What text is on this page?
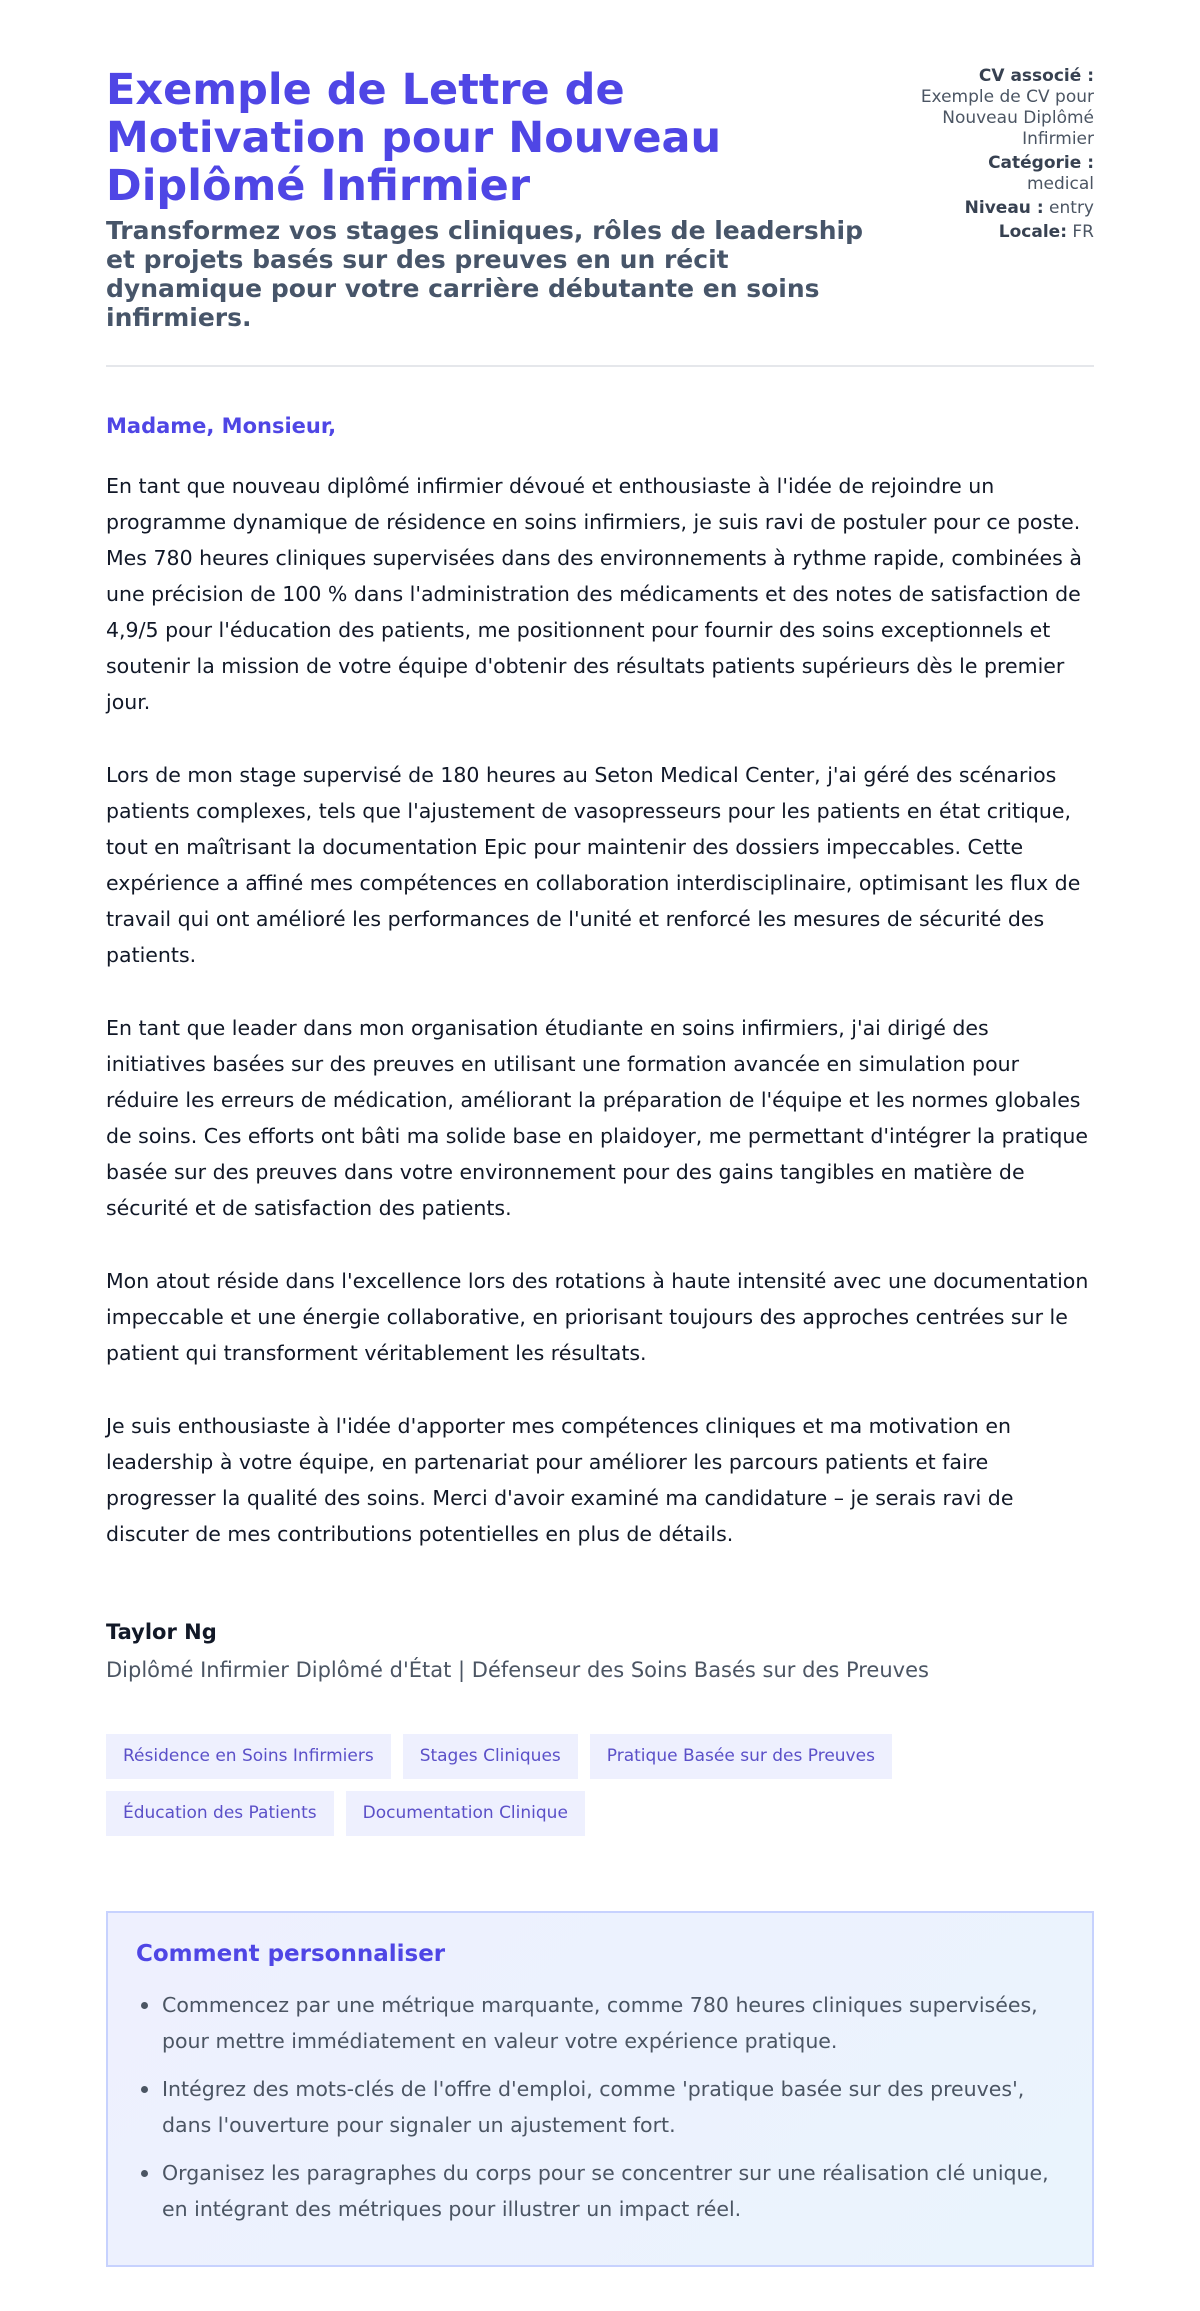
Exemple de Lettre de Motivation pour Nouveau Diplômé Infirmier
Transformez vos stages cliniques, rôles de leadership et projets basés sur des preuves en un récit dynamique pour votre carrière débutante en soins infirmiers.
CV associé :
Exemple de CV pour Nouveau Diplômé Infirmier
Catégorie :
medical
Niveau : entry
Locale: FR
Madame, Monsieur,

En tant que nouveau diplômé infirmier dévoué et enthousiaste à l'idée de rejoindre un programme dynamique de résidence en soins infirmiers, je suis ravi de postuler pour ce poste. Mes 780 heures cliniques supervisées dans des environnements à rythme rapide, combinées à une précision de 100 % dans l'administration des médicaments et des notes de satisfaction de 4,9/5 pour l'éducation des patients, me positionnent pour fournir des soins exceptionnels et soutenir la mission de votre équipe d'obtenir des résultats patients supérieurs dès le premier jour.

Lors de mon stage supervisé de 180 heures au Seton Medical Center, j'ai géré des scénarios patients complexes, tels que l'ajustement de vasopresseurs pour les patients en état critique, tout en maîtrisant la documentation Epic pour maintenir des dossiers impeccables. Cette expérience a affiné mes compétences en collaboration interdisciplinaire, optimisant les flux de travail qui ont amélioré les performances de l'unité et renforcé les mesures de sécurité des patients.

En tant que leader dans mon organisation étudiante en soins infirmiers, j'ai dirigé des initiatives basées sur des preuves en utilisant une formation avancée en simulation pour réduire les erreurs de médication, améliorant la préparation de l'équipe et les normes globales de soins. Ces efforts ont bâti ma solide base en plaidoyer, me permettant d'intégrer la pratique basée sur des preuves dans votre environnement pour des gains tangibles en matière de sécurité et de satisfaction des patients.

Mon atout réside dans l'excellence lors des rotations à haute intensité avec une documentation impeccable et une énergie collaborative, en priorisant toujours des approches centrées sur le patient qui transforment véritablement les résultats.

Je suis enthousiaste à l'idée d'apporter mes compétences cliniques et ma motivation en leadership à votre équipe, en partenariat pour améliorer les parcours patients et faire progresser la qualité des soins. Merci d'avoir examiné ma candidature – je serais ravi de discuter de mes contributions potentielles en plus de détails.

Taylor Ng
Diplômé Infirmier Diplômé d'État | Défenseur des Soins Basés sur des Preuves
Résidence en Soins Infirmiers	Stages Cliniques	Pratique Basée sur des Preuves
Éducation des Patients	Documentation Clinique
Comment personnaliser
Commencez par une métrique marquante, comme 780 heures cliniques supervisées, pour mettre immédiatement en valeur votre expérience pratique.
Intégrez des mots-clés de l'offre d'emploi, comme 'pratique basée sur des preuves', dans l'ouverture pour signaler un ajustement fort.
Organisez les paragraphes du corps pour se concentrer sur une réalisation clé unique, en intégrant des métriques pour illustrer un impact réel.
